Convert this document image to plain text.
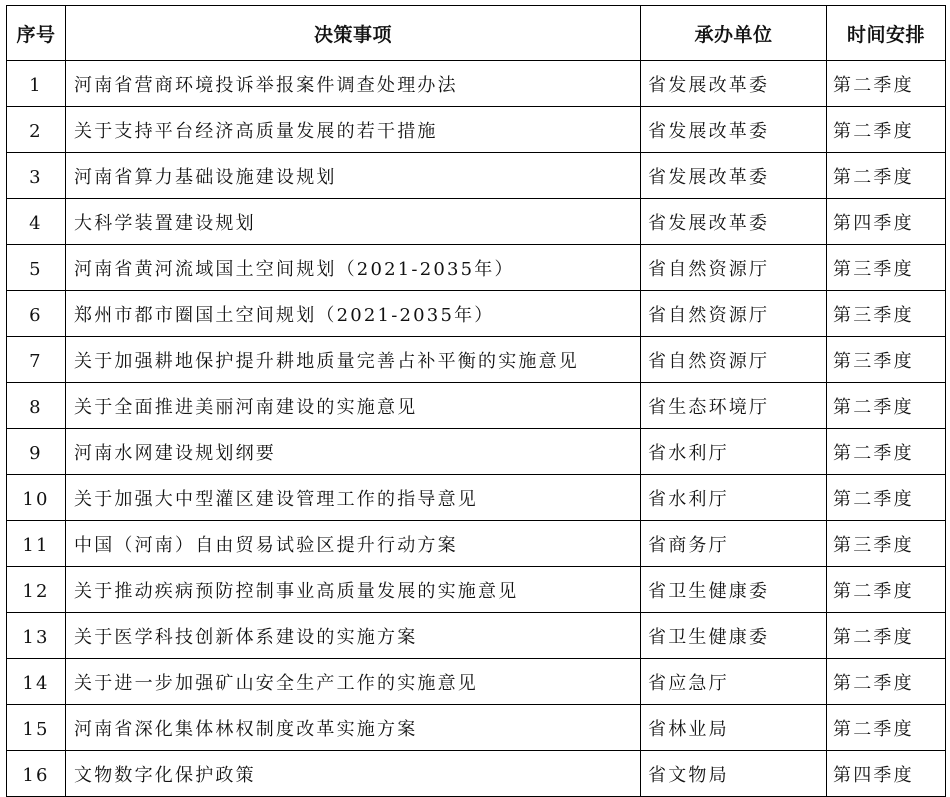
序号	决策事项	承办单位	时间安排
1	河南省营商环境投诉举报案件调查处理办法	省发展改革委	第二季度
2	关于支持平台经济高质量发展的若干措施	省发展改革委	第二季度
3	河南省算力基础设施建设规划	省发展改革委	第二季度
4	大科学装置建设规划	省发展改革委	第四季度
5	河南省黄河流域国土空间规划（2021-2035年）	省自然资源厅	第三季度
6	郑州市都市圈国土空间规划（2021-2035年）	省自然资源厅	第三季度
7	关于加强耕地保护提升耕地质量完善占补平衡的实施意见	省自然资源厅	第三季度
8	关于全面推进美丽河南建设的实施意见	省生态环境厅	第二季度
9	河南水网建设规划纲要	省水利厅	第二季度
10	关于加强大中型灌区建设管理工作的指导意见	省水利厅	第二季度
11	中国（河南）自由贸易试验区提升行动方案	省商务厅	第三季度
12	关于推动疾病预防控制事业高质量发展的实施意见	省卫生健康委	第二季度
13	关于医学科技创新体系建设的实施方案	省卫生健康委	第二季度
14	关于进一步加强矿山安全生产工作的实施意见	省应急厅	第二季度
15	河南省深化集体林权制度改革实施方案	省林业局	第二季度
16	文物数字化保护政策	省文物局	第四季度
